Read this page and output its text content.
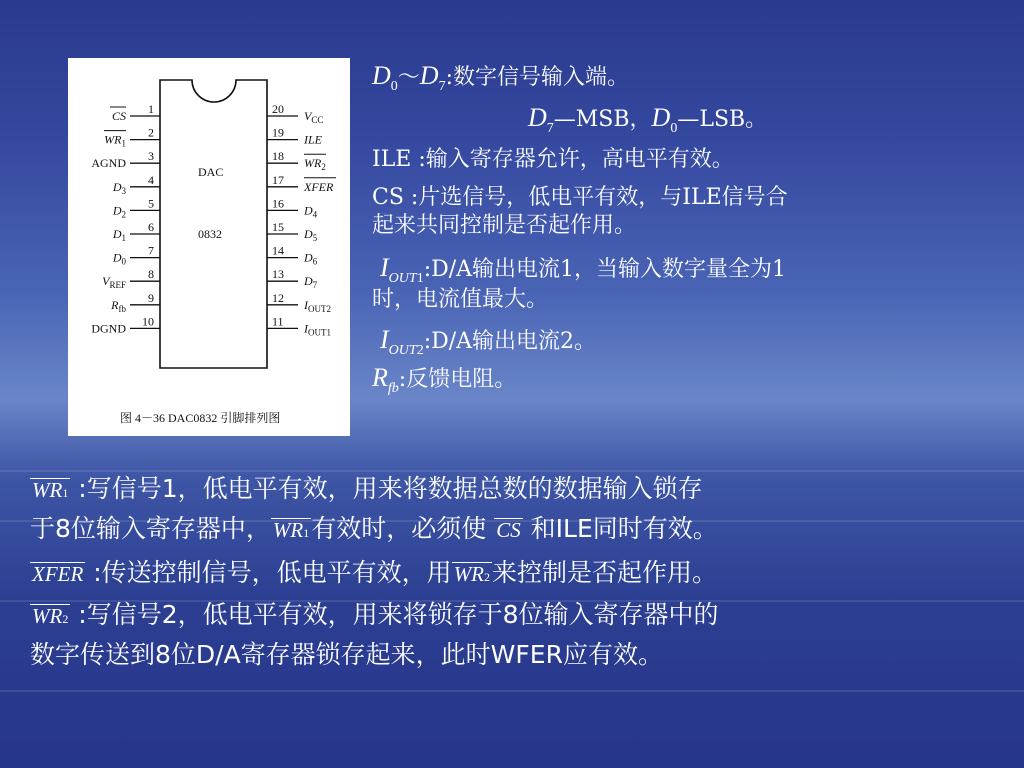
DAC
0832
1
CS
2
$WR_1$
3
AGND
4
$D_3$
5
$D_2$
6
$D_1$
7
$D_0$
8
$V_{REF}$
9
$R_{fb}$
10
DGND
20 $V_{CC}$
19 ILE
18 $WR_2$
17 XFER
16 $D_4$
15 $D_5$
14 $D_6$
13 $D_7$
12 $I_{OUT2}$
11 $I_{OUT1}$
图 4－36 DAC0832 引脚排列图
$D_0\sim D_7$:数字信号输入端。
$D_7—MSB$，$D_0—LSB$。
ILE :输入寄存器允许，高电平有效。
CS :片选信号，低电平有效，与ILE信号合
起来共同控制是否起作用。
$I_{OUT1}:D/A$输出电流1，当输入数字量全为1
时，电流值最大。
$I_{OUT2}:D/A$输出电流2。
$R_{fb}$:反馈电阻。
WR1 :写信号1，低电平有效，用来将数据总数的数据输入锁存
于8位输入寄存器中，WR1有效时，必须使 CS 和ILE同时有效。
XFER :传送控制信号，低电平有效，用WR2来控制是否起作用。
WR2 :写信号2，低电平有效，用来将锁存于8位输入寄存器中的
数字传送到8位D/A寄存器锁存起来，此时WFER应有效。
